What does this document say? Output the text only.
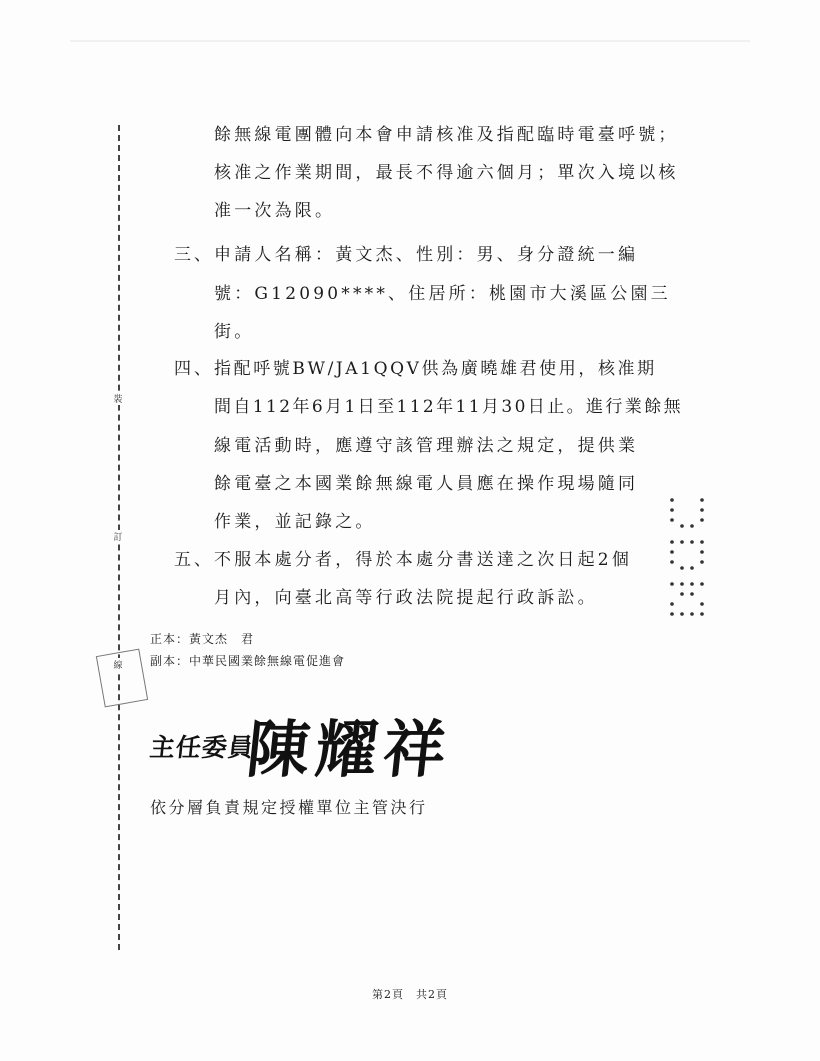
裝
訂
線
餘無線電團體向本會申請核准及指配臨時電臺呼號；
核准之作業期間，最長不得逾六個月；單次入境以核
准一次為限。
三、 申請人名稱：黃文杰、性別：男、身分證統一編
號：G12090****、住居所：桃園市大溪區公園三
街。
四、 指配呼號BW/JA1QQV供為廣曉雄君使用，核准期
間自112年6月1日至112年11月30日止。進行業餘無
線電活動時，應遵守該管理辦法之規定，提供業
餘電臺之本國業餘無線電人員應在操作現場隨同
作業，並記錄之。
五、 不服本處分者，得於本處分書送達之次日起2個
月內，向臺北高等行政法院提起行政訴訟。
正本：黃文杰　君
副本：中華民國業餘無線電促進會
主任委員
陳耀祥
依分層負責規定授權單位主管決行
第2頁　共2頁
